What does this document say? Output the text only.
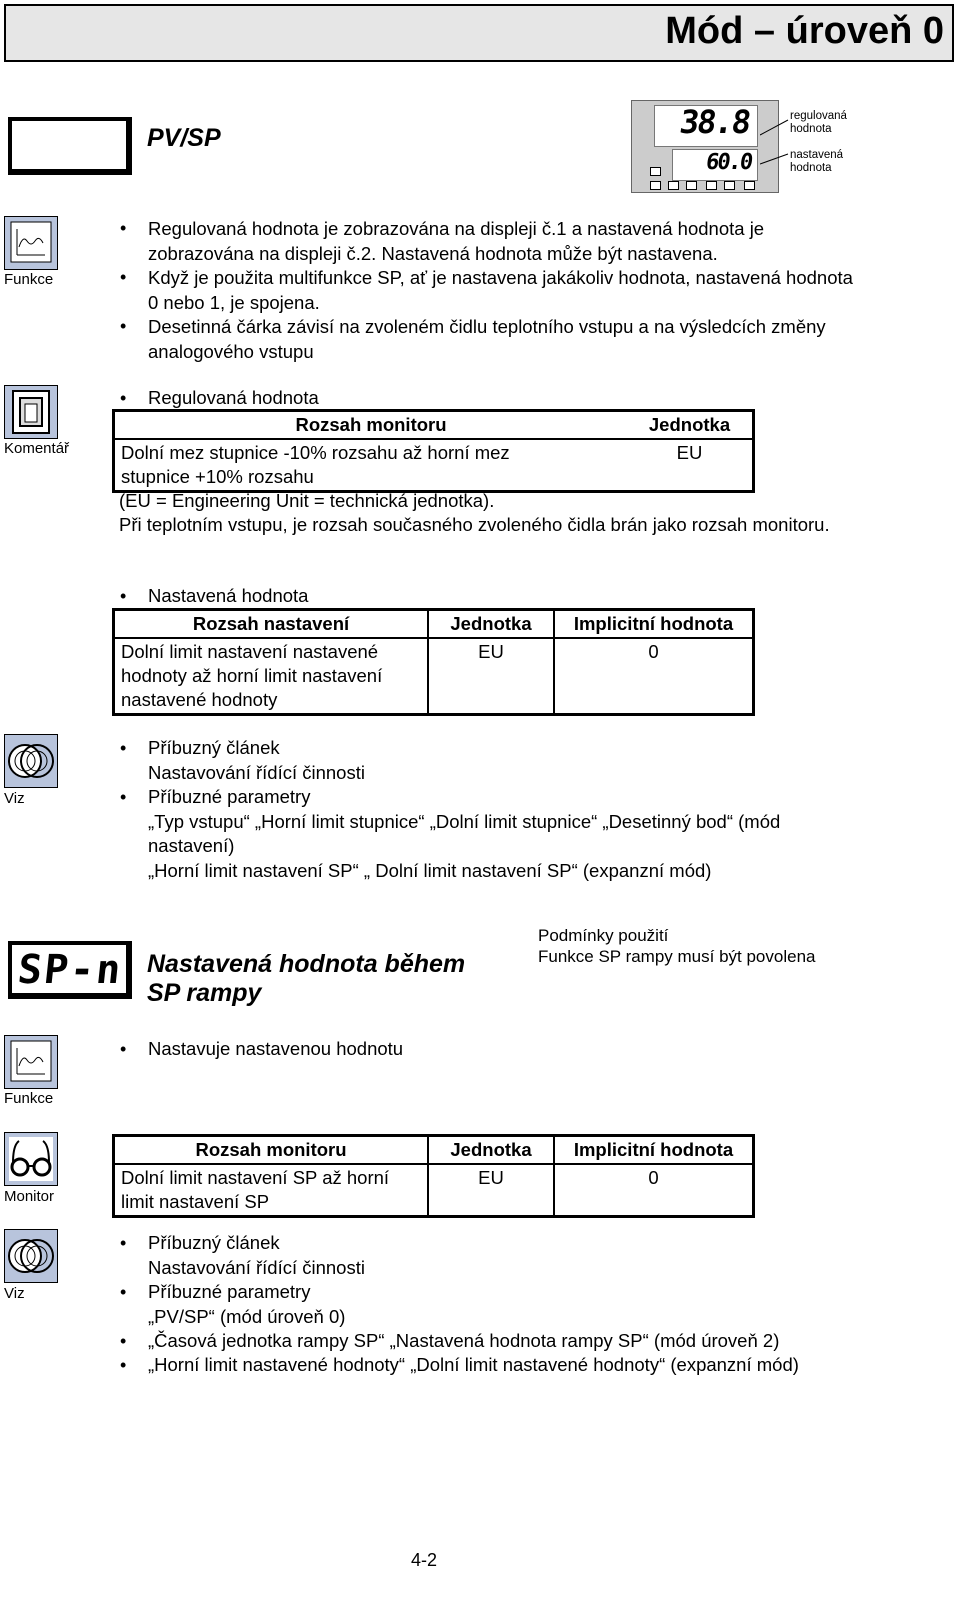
Mód – úroveň 0
PV/SP	38.8
60.0
regulovaná
hodnota
nastavená
hodnota
Funkce
• Regulovaná hodnota je zobrazována na displeji č.1 a nastavená hodnota je
zobrazována na displeji č.2. Nastavená hodnota může být nastavena.
• Když je použita multifunkce SP, ať je nastavena jakákoliv hodnota, nastavená hodnota
0 nebo 1, je spojena.
• Desetinná čárka závisí na zvoleném čidlu teplotního vstupu a na výsledcích změny
analogového vstupu
Komentář
• Regulovaná hodnota
Rozsah monitoru	Jednotka

Dolní mez stupnice -10% rozsahu až horní mez
stupnice +10% rozsahu	EU
(EU = Engineering Unit = technická jednotka).
Při teplotním vstupu, je rozsah současného zvoleného čidla brán jako rozsah monitoru.
• Nastavená hodnota
Rozsah nastavení	Jednotka	Implicitní hodnota

Dolní limit nastavení nastavené
hodnoty až horní limit nastavení
nastavené hodnoty	EU	0
Viz
• Příbuzný článek
Nastavování řídící činnosti
• Příbuzné parametry
„Typ vstupu“ „Horní limit stupnice“ „Dolní limit stupnice“ „Desetinný bod“ (mód
nastavení)
„Horní limit nastavení SP“ „ Dolní limit nastavení SP“ (expanzní mód)
SP-n Nastavená hodnota během
SP rampy
Podmínky použití
Funkce SP rampy musí být povolena
Funkce
• Nastavuje nastavenou hodnotu
Monitor
Rozsah monitoru	Jednotka	Implicitní hodnota

Dolní limit nastavení SP až horní
limit nastavení SP	EU	0
Viz
• Příbuzný článek
Nastavování řídící činnosti
• Příbuzné parametry
„PV/SP“ (mód úroveň 0)
• „Časová jednotka rampy SP“ „Nastavená hodnota rampy SP“ (mód úroveň 2)
• „Horní limit nastavené hodnoty“ „Dolní limit nastavené hodnoty“ (expanzní mód)
4-2
